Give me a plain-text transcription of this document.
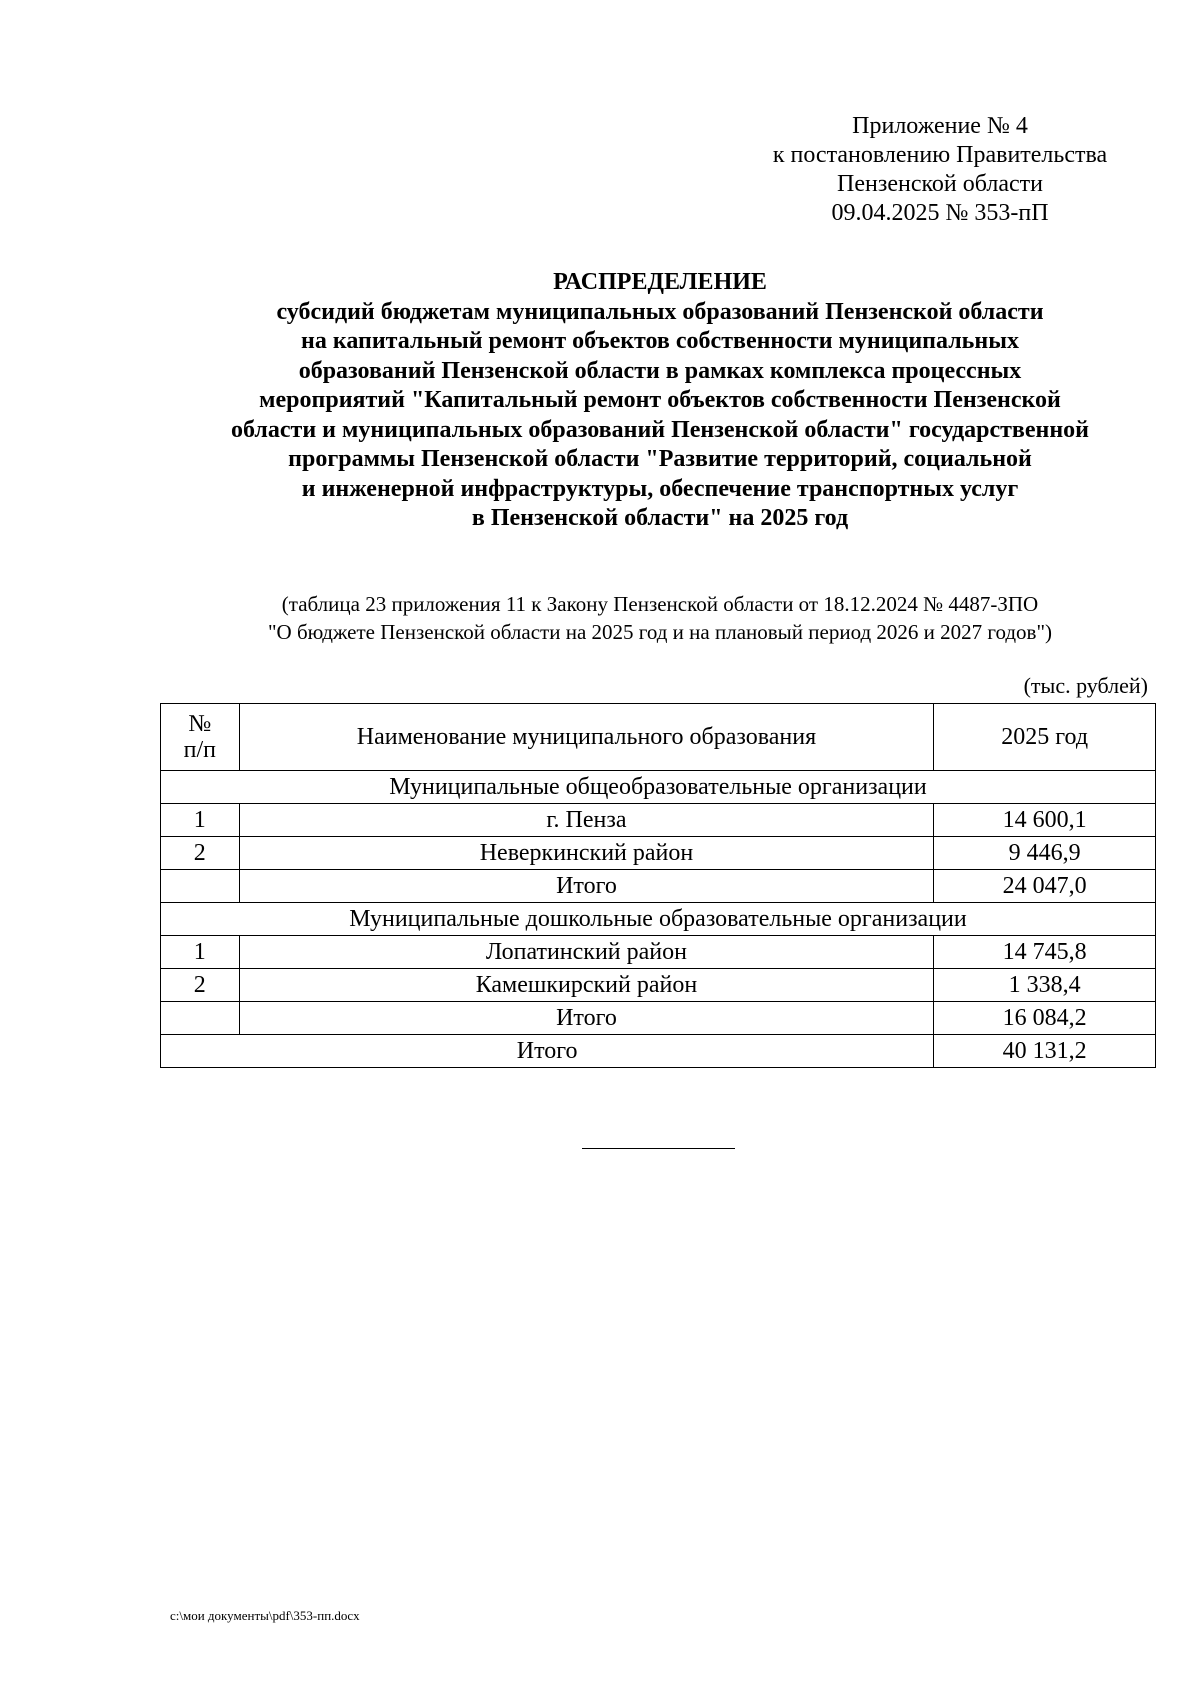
Приложение № 4
к постановлению Правительства
Пензенской области
09.04.2025 № 353-пП
РАСПРЕДЕЛЕНИЕ
субсидий бюджетам муниципальных образований Пензенской области
на капитальный ремонт объектов собственности муниципальных
образований Пензенской области в рамках комплекса процессных
мероприятий "Капитальный ремонт объектов собственности Пензенской
области и муниципальных образований Пензенской области" государственной
программы Пензенской области "Развитие территорий, социальной
и инженерной инфраструктуры, обеспечение транспортных услуг
в Пензенской области" на 2025 год
(таблица 23 приложения 11 к Закону Пензенской области от 18.12.2024 № 4487-ЗПО
"О бюджете Пензенской области на 2025 год и на плановый период 2026 и 2027 годов")
(тыс. рублей)
№
п/п	Наименование муниципального образования	2025 год
Муниципальные общеобразовательные организации		
1	г. Пенза	14 600,1
2	Неверкинский район	9 446,9
	Итого	24 047,0
Муниципальные дошкольные образовательные организации		
1	Лопатинский район	14 745,8
2	Камешкирский район	1 338,4
	Итого	16 084,2
Итого		40 131,2
c:\мои документы\pdf\353-пп.docx
